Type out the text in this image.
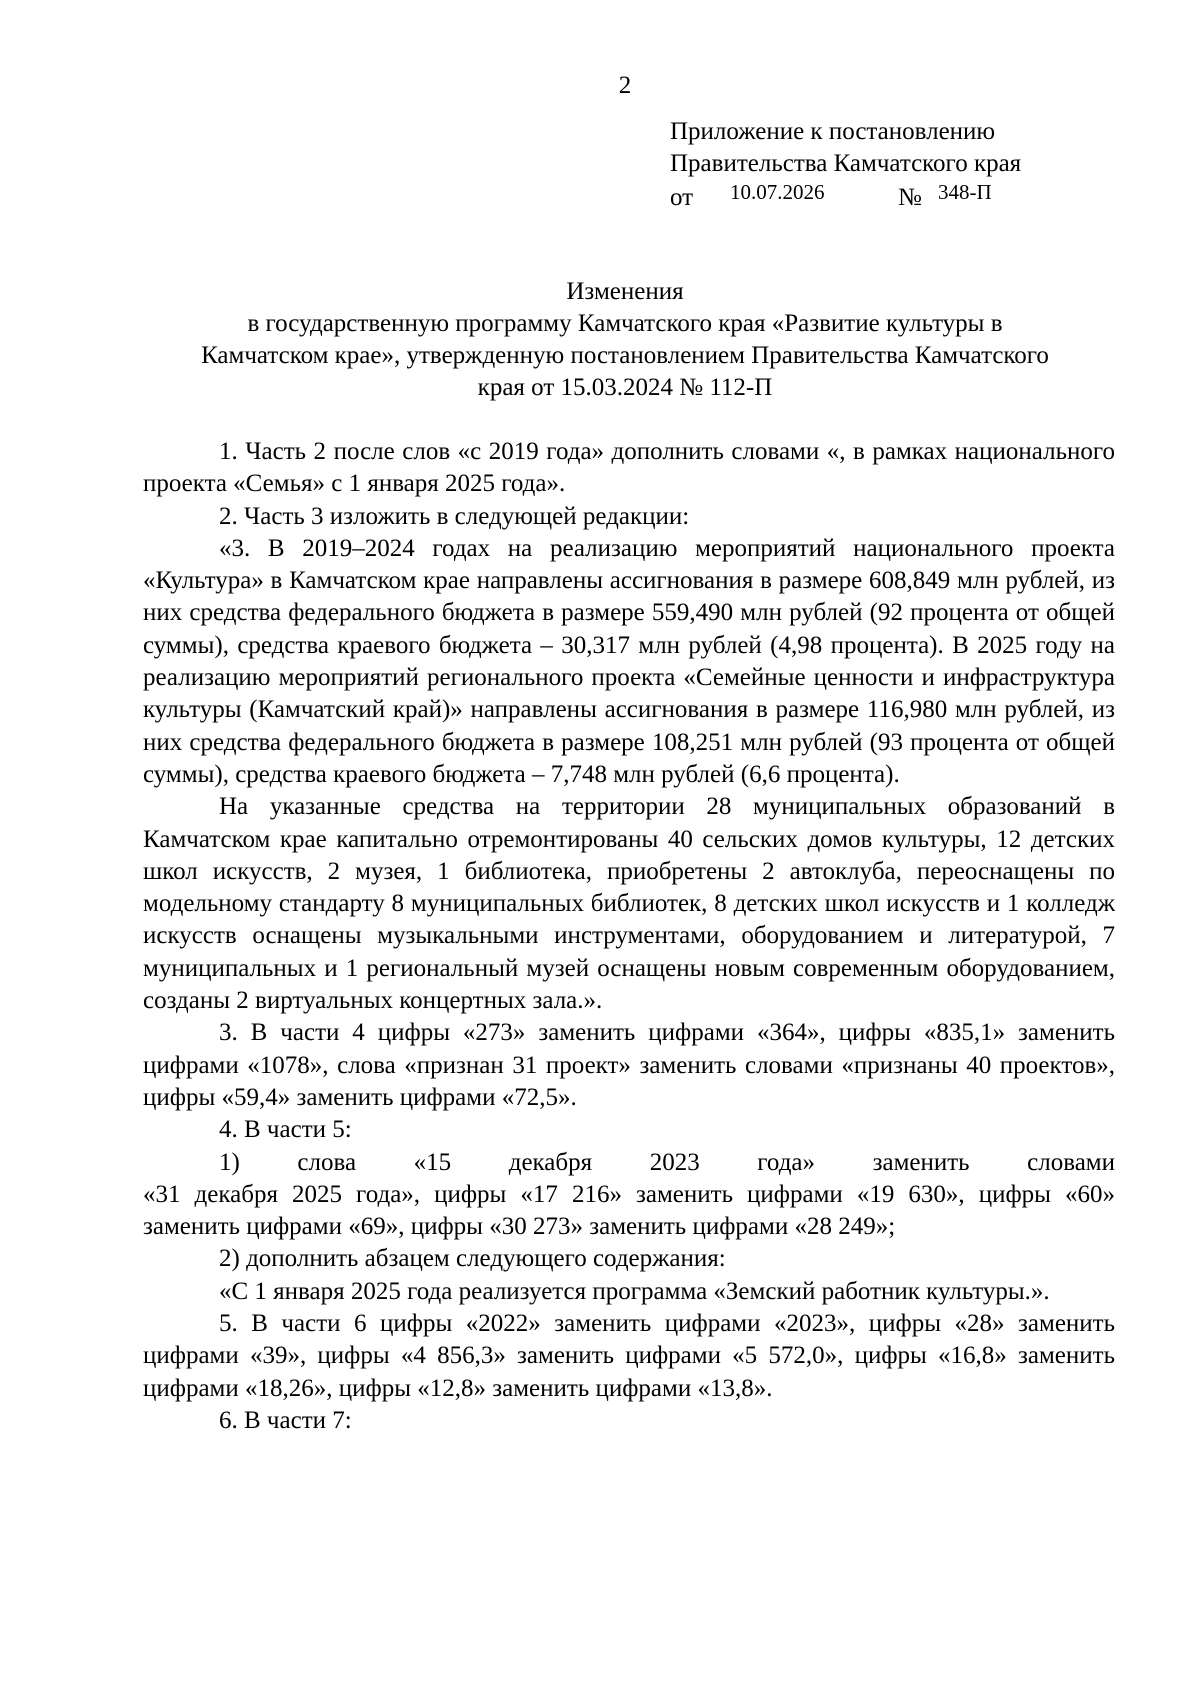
2
Приложение к постановлению
Правительства Камчатского края
от 10.07.2026	№ 348-П
Изменения
в государственную программу Камчатского края «Развитие культуры в
Камчатском крае», утвержденную постановлением Правительства Камчатского
края от 15.03.2024 № 112-П

1. Часть 2 после слов «с 2019 года» дополнить словами «, в рамках национального проекта «Семья» с 1 января 2025 года».

2. Часть 3 изложить в следующей редакции:

«3. В 2019–2024 годах на реализацию мероприятий национального проекта «Культура» в Камчатском крае направлены ассигнования в размере 608,849 млн рублей, из них средства федерального бюджета в размере 559,490 млн рублей (92 процента от общей суммы), средства краевого бюджета – 30,317 млн рублей (4,98 процента). В 2025 году на реализацию мероприятий регионального проекта «Семейные ценности и инфраструктура культуры (Камчатский край)» направлены ассигнования в размере 116,980 млн рублей, из них средства федерального бюджета в размере 108,251 млн рублей (93 процента от общей суммы), средства краевого бюджета – 7,748 млн рублей (6,6 процента).

На указанные средства на территории 28 муниципальных образований в Камчатском крае капитально отремонтированы 40 сельских домов культуры, 12 детских школ искусств, 2 музея, 1 библиотека, приобретены 2 автоклуба, переоснащены по модельному стандарту 8 муниципальных библиотек, 8 детских школ искусств и 1 колледж искусств оснащены музыкальными инструментами, оборудованием и литературой, 7 муниципальных и 1 региональный музей оснащены новым современным оборудованием, созданы 2 виртуальных концертных зала.».

3. В части 4 цифры «273» заменить цифрами «364», цифры «835,1» заменить цифрами «1078», слова «признан 31 проект» заменить словами «признаны 40 проектов», цифры «59,4» заменить цифрами «72,5».

4. В части 5:

1) слова «15 декабря 2023 года» заменить словами

«31 декабря 2025 года», цифры «17 216» заменить цифрами «19 630», цифры «60» заменить цифрами «69», цифры «30 273» заменить цифрами «28 249»;

2) дополнить абзацем следующего содержания:

«С 1 января 2025 года реализуется программа «Земский работник культуры.».

5. В части 6 цифры «2022» заменить цифрами «2023», цифры «28» заменить цифрами «39», цифры «4 856,3» заменить цифрами «5 572,0», цифры «16,8» заменить цифрами «18,26», цифры «12,8» заменить цифрами «13,8».

6. В части 7:
